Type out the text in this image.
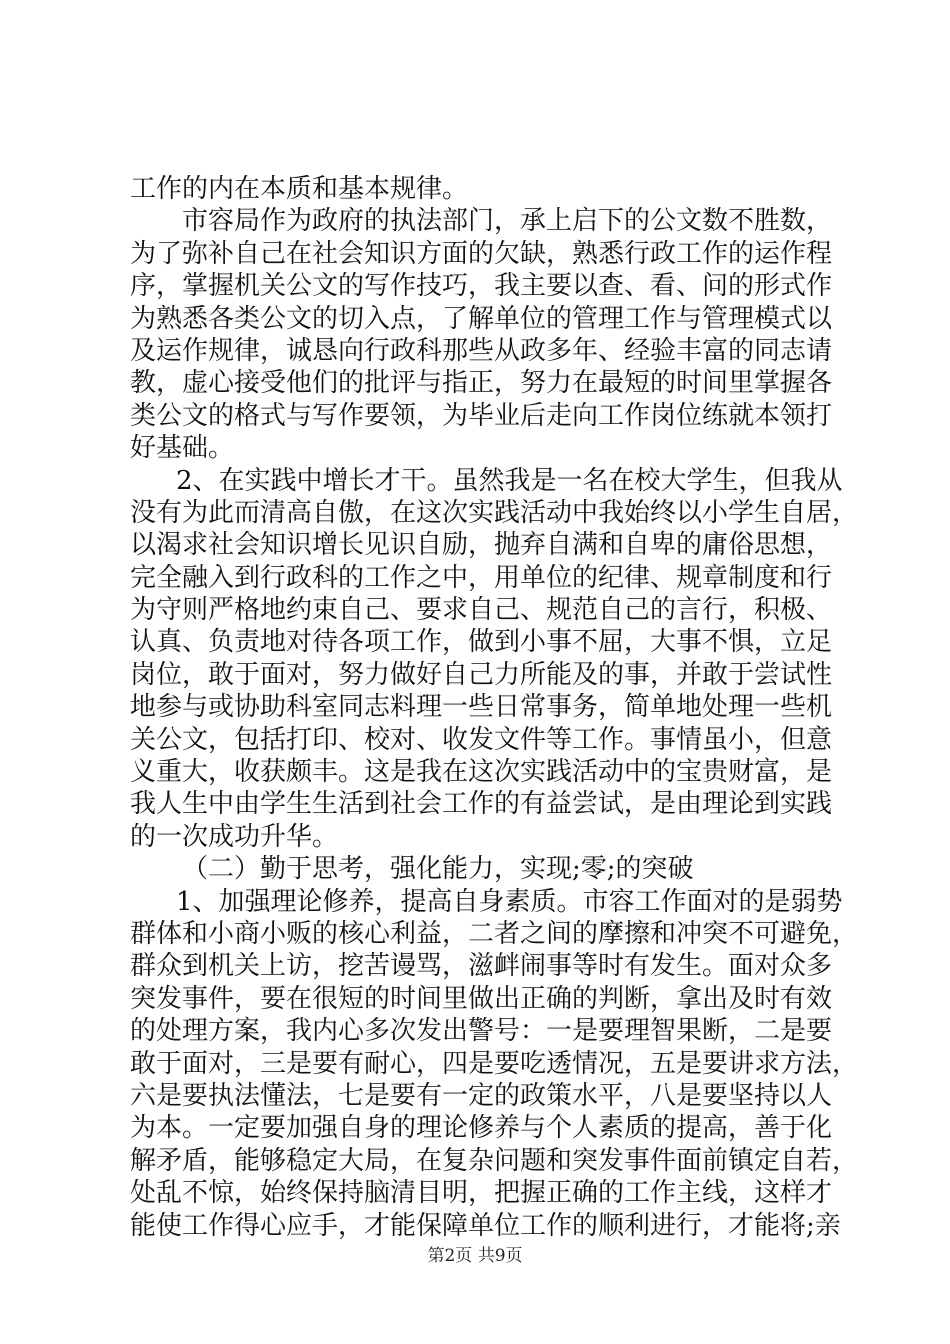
工作的内在本质和基本规律。
市容局作为政府的执法部门，承上启下的公文数不胜数，
为了弥补自己在社会知识方面的欠缺，熟悉行政工作的运作程
序，掌握机关公文的写作技巧，我主要以查、看、问的形式作
为熟悉各类公文的切入点，了解单位的管理工作与管理模式以
及运作规律，诚恳向行政科那些从政多年、经验丰富的同志请
教，虚心接受他们的批评与指正，努力在最短的时间里掌握各
类公文的格式与写作要领，为毕业后走向工作岗位练就本领打
好基础。
2、在实践中增长才干。虽然我是一名在校大学生，但我从
没有为此而清高自傲，在这次实践活动中我始终以小学生自居，
以渴求社会知识增长见识自励，抛弃自满和自卑的庸俗思想，
完全融入到行政科的工作之中，用单位的纪律、规章制度和行
为守则严格地约束自己、要求自己、规范自己的言行，积极、
认真、负责地对待各项工作，做到小事不屈，大事不惧，立足
岗位，敢于面对，努力做好自己力所能及的事，并敢于尝试性
地参与或协助科室同志料理一些日常事务，简单地处理一些机
关公文，包括打印、校对、收发文件等工作。事情虽小，但意
义重大，收获颇丰。这是我在这次实践活动中的宝贵财富，是
我人生中由学生生活到社会工作的有益尝试，是由理论到实践
的一次成功升华。
（二）勤于思考，强化能力，实现;零;的突破
1、加强理论修养，提高自身素质。市容工作面对的是弱势
群体和小商小贩的核心利益，二者之间的摩擦和冲突不可避免，
群众到机关上访，挖苦谩骂，滋衅闹事等时有发生。面对众多
突发事件，要在很短的时间里做出正确的判断，拿出及时有效
的处理方案，我内心多次发出警号：一是要理智果断，二是要
敢于面对，三是要有耐心，四是要吃透情况，五是要讲求方法，
六是要执法懂法，七是要有一定的政策水平，八是要坚持以人
为本。一定要加强自身的理论修养与个人素质的提高，善于化
解矛盾，能够稳定大局，在复杂问题和突发事件面前镇定自若，
处乱不惊，始终保持脑清目明，把握正确的工作主线，这样才
能使工作得心应手，才能保障单位工作的顺利进行，才能将;亲
第2页 共9页
